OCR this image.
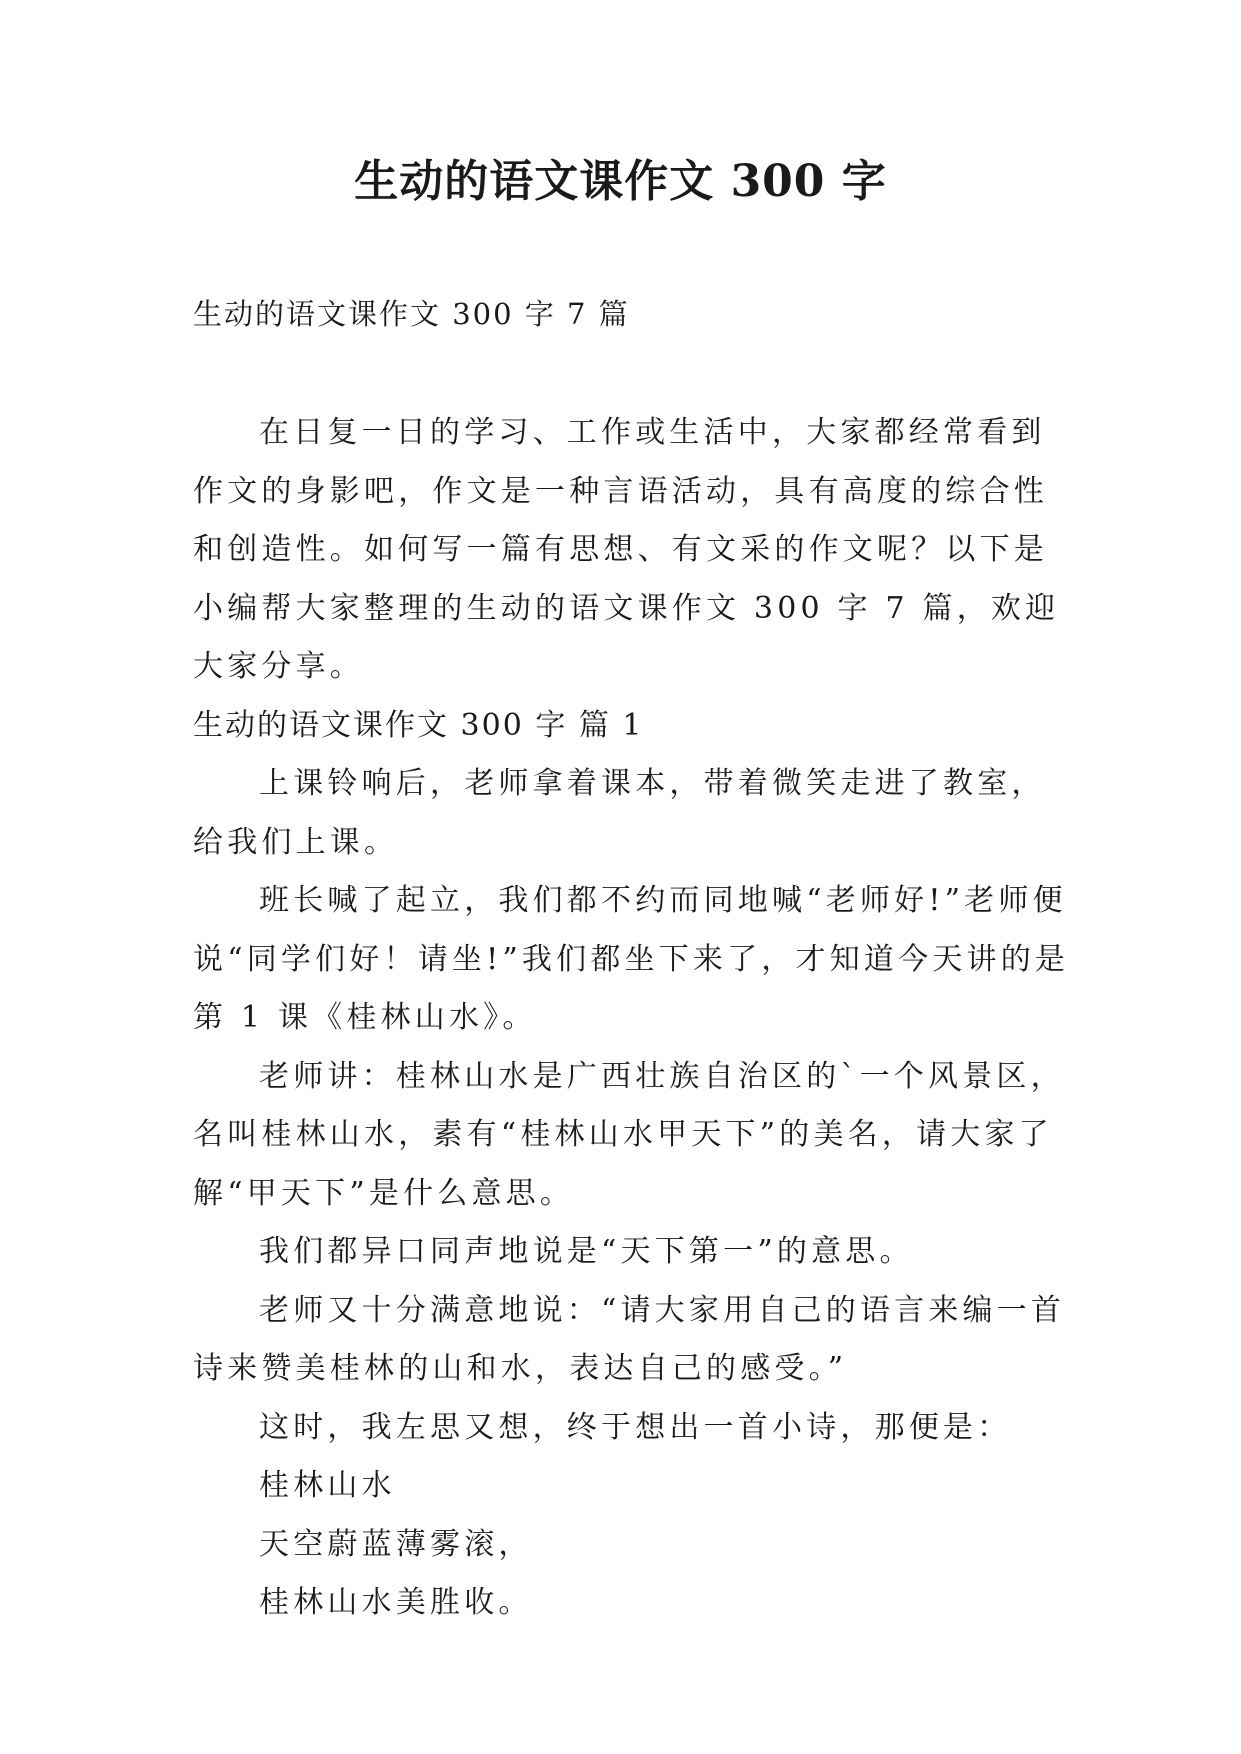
生动的语文课作文 300 字
生动的语文课作文 300 字 7 篇

在日复一日的学习、工作或生活中，大家都经常看到作文的身影吧，作文是一种言语活动，具有高度的综合性和创造性。如何写一篇有思想、有文采的作文呢？以下是小编帮大家整理的生动的语文课作文 300 字 7 篇，欢迎大家分享。

生动的语文课作文 300 字 篇 1

上课铃响后，老师拿着课本，带着微笑走进了教室，给我们上课。

班长喊了起立，我们都不约而同地喊“老师好!”老师便说“同学们好！请坐!”我们都坐下来了，才知道今天讲的是第 1 课《桂林山水》。

老师讲：桂林山水是广西壮族自治区的`一个风景区，名叫桂林山水，素有“桂林山水甲天下”的美名，请大家了解“甲天下”是什么意思。

我们都异口同声地说是“天下第一”的意思。

老师又十分满意地说：“请大家用自己的语言来编一首诗来赞美桂林的山和水，表达自己的感受。”

这时，我左思又想，终于想出一首小诗，那便是：

桂林山水

天空蔚蓝薄雾滚，

桂林山水美胜收。
